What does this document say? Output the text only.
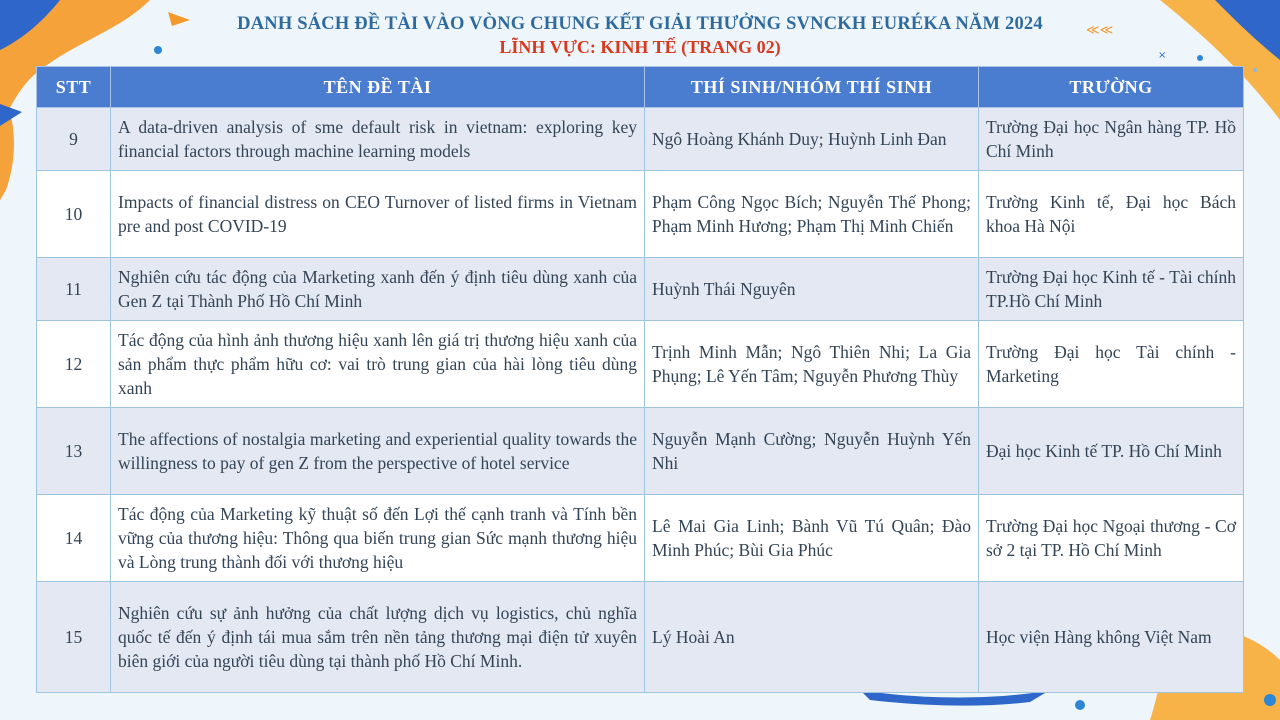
≪≪
×
DANH SÁCH ĐỀ TÀI VÀO VÒNG CHUNG KẾT GIẢI THƯỞNG SVNCKH EURÉKA NĂM 2024
LĨNH VỰC: KINH TẾ (TRANG 02)
STT	TÊN ĐỀ TÀI	THÍ SINH/NHÓM THÍ SINH	TRƯỜNG
9	A data-driven analysis of sme default risk in vietnam: exploring key financial factors through machine learning models	Ngô Hoàng Khánh Duy; Huỳnh Linh Đan	Trường Đại học Ngân hàng TP. Hồ Chí Minh
10	Impacts of financial distress on CEO Turnover of listed firms in Vietnam pre and post COVID-19	Phạm Công Ngọc Bích; Nguyễn Thế Phong; Phạm Minh Hương; Phạm Thị Minh Chiến	Trường Kinh tế, Đại học Bách khoa Hà Nội
11	Nghiên cứu tác động của Marketing xanh đến ý định tiêu dùng xanh của Gen Z tại Thành Phố Hồ Chí Minh	Huỳnh Thái Nguyên	Trường Đại học Kinh tế - Tài chính TP.Hồ Chí Minh
12	Tác động của hình ảnh thương hiệu xanh lên giá trị thương hiệu xanh của sản phẩm thực phẩm hữu cơ: vai trò trung gian của hài lòng tiêu dùng xanh	Trịnh Minh Mẫn; Ngô Thiên Nhi; La Gia Phụng; Lê Yến Tâm; Nguyễn Phương Thùy	Trường Đại học Tài chính - Marketing
13	The affections of nostalgia marketing and experiential quality towards the willingness to pay of gen Z from the perspective of hotel service	Nguyễn Mạnh Cường; Nguyễn Huỳnh Yến Nhi	Đại học Kinh tế TP. Hồ Chí Minh
14	Tác động của Marketing kỹ thuật số đến Lợi thế cạnh tranh và Tính bền vững của thương hiệu: Thông qua biến trung gian Sức mạnh thương hiệu và Lòng trung thành đối với thương hiệu	Lê Mai Gia Linh; Bành Vũ Tú Quân; Đào Minh Phúc; Bùi Gia Phúc	Trường Đại học Ngoại thương - Cơ sở 2 tại TP. Hồ Chí Minh
15	Nghiên cứu sự ảnh hưởng của chất lượng dịch vụ logistics, chủ nghĩa quốc tế đến ý định tái mua sắm trên nền tảng thương mại điện tử xuyên biên giới của người tiêu dùng tại thành phố Hồ Chí Minh.	Lý Hoài An	Học viện Hàng không Việt Nam
